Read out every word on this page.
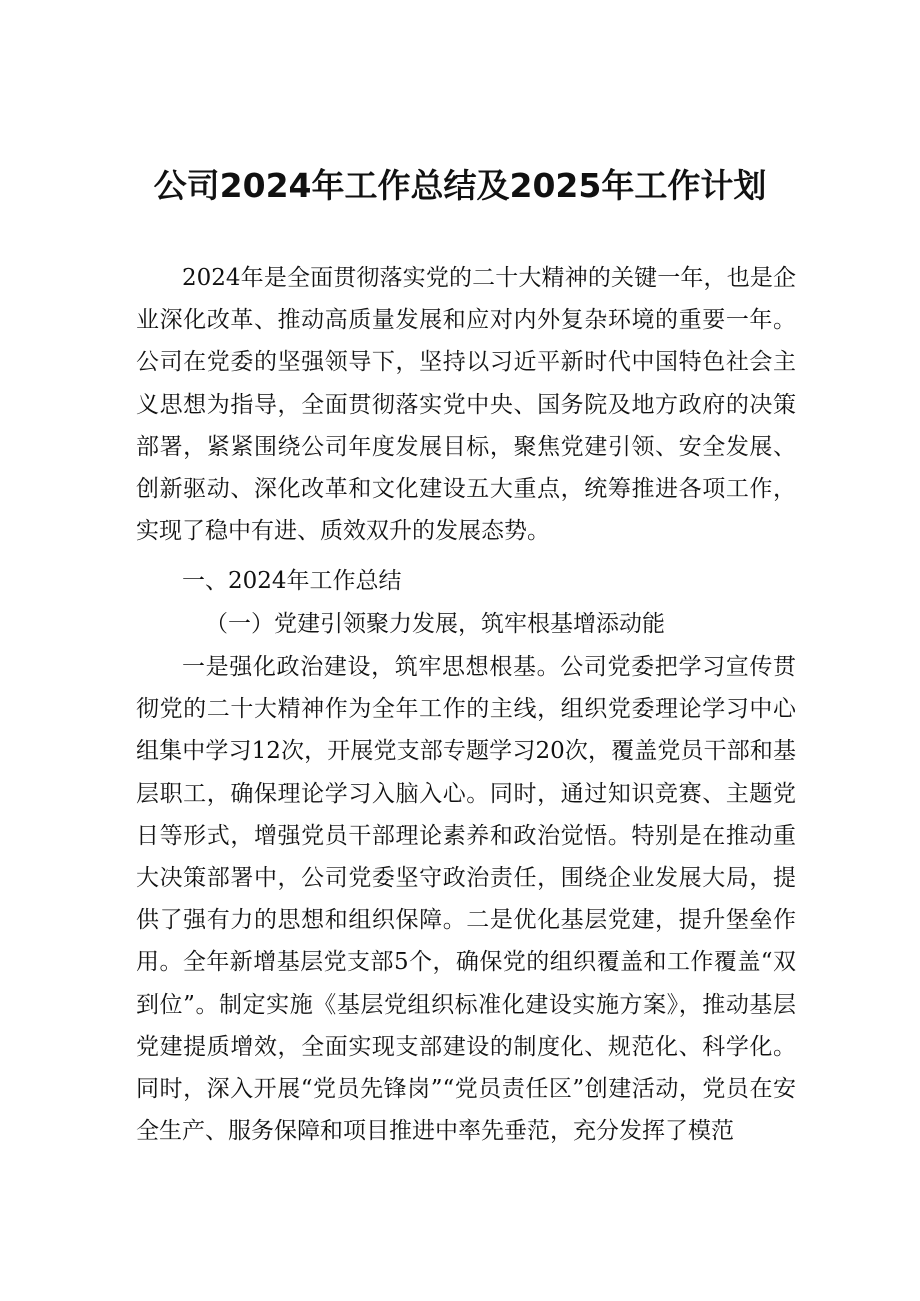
公司2024年工作总结及2025年工作计划

2024年是全面贯彻落实党的二十大精神的关键一年，也是企业深化改革、推动高质量发展和应对内外复杂环境的重要一年。公司在党委的坚强领导下，坚持以习近平新时代中国特色社会主义思想为指导，全面贯彻落实党中央、国务院及地方政府的决策部署，紧紧围绕公司年度发展目标，聚焦党建引领、安全发展、创新驱动、深化改革和文化建设五大重点，统筹推进各项工作，实现了稳中有进、质效双升的发展态势。

一、2024年工作总结

（一）党建引领聚力发展，筑牢根基增添动能

一是强化政治建设，筑牢思想根基。公司党委把学习宣传贯彻党的二十大精神作为全年工作的主线，组织党委理论学习中心组集中学习12次，开展党支部专题学习20次，覆盖党员干部和基层职工，确保理论学习入脑入心。同时，通过知识竞赛、主题党日等形式，增强党员干部理论素养和政治觉悟。特别是在推动重大决策部署中，公司党委坚守政治责任，围绕企业发展大局，提供了强有力的思想和组织保障。二是优化基层党建，提升堡垒作用。全年新增基层党支部5个，确保党的组织覆盖和工作覆盖“双到位”。制定实施《基层党组织标准化建设实施方案》，推动基层党建提质增效，全面实现支部建设的制度化、规范化、科学化。同时，深入开展“党员先锋岗”“党员责任区”创建活动，党员在安全生产、服务保障和项目推进中率先垂范，充分发挥了模范
